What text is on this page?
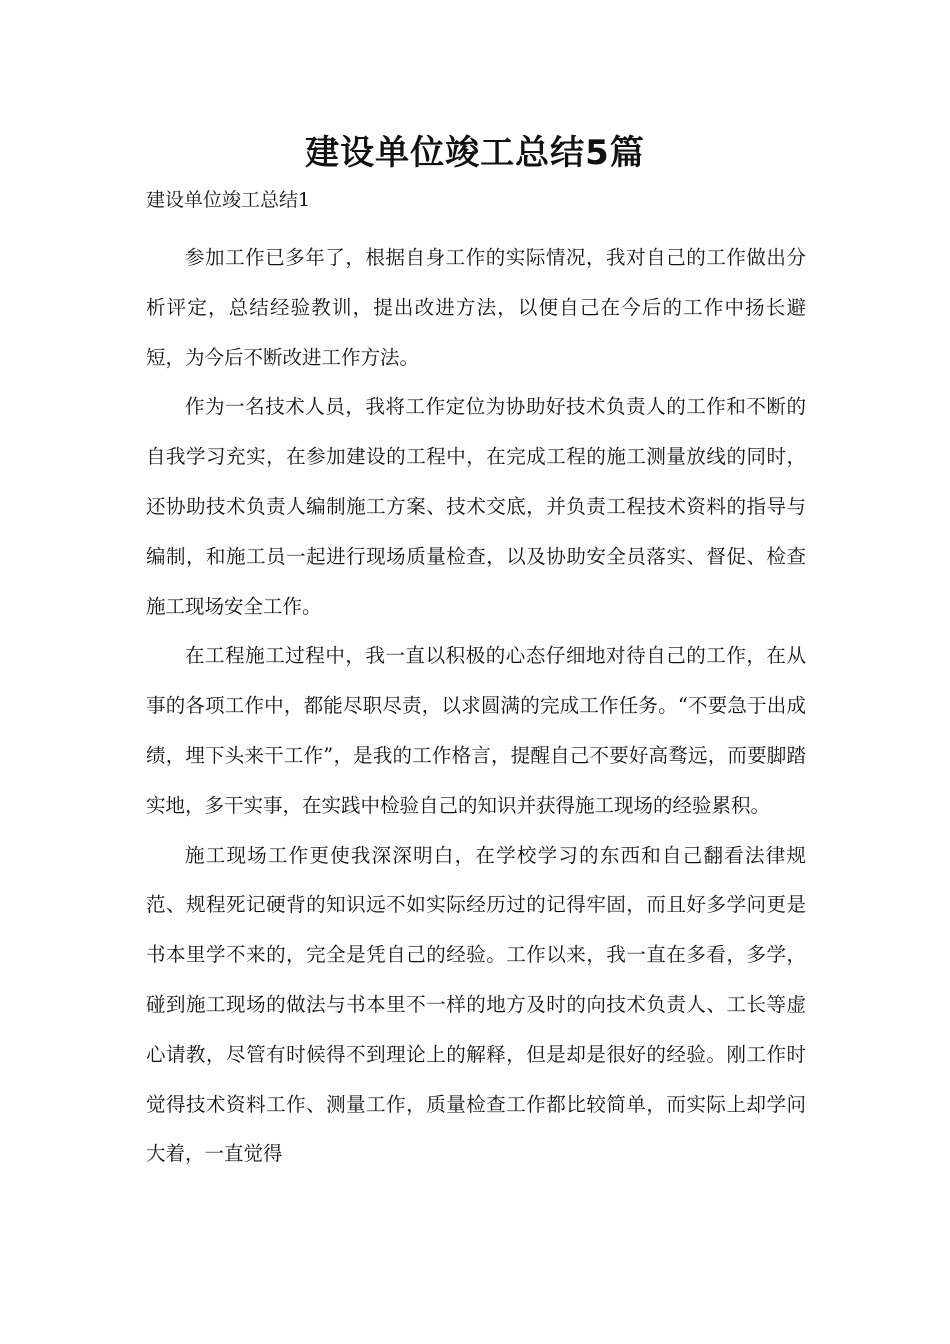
建设单位竣工总结5篇

建设单位竣工总结1

参加工作已多年了，根据自身工作的实际情况，我对自己的工作做出分析评定，总结经验教训，提出改进方法，以便自己在今后的工作中扬长避短，为今后不断改进工作方法。

作为一名技术人员，我将工作定位为协助好技术负责人的工作和不断的自我学习充实，在参加建设的工程中，在完成工程的施工测量放线的同时，还协助技术负责人编制施工方案、技术交底，并负责工程技术资料的指导与编制，和施工员一起进行现场质量检查，以及协助安全员落实、督促、检查施工现场安全工作。

在工程施工过程中，我一直以积极的心态仔细地对待自己的工作，在从事的各项工作中，都能尽职尽责，以求圆满的完成工作任务。“不要急于出成绩，埋下头来干工作”，是我的工作格言，提醒自己不要好高骛远，而要脚踏实地，多干实事，在实践中检验自己的知识并获得施工现场的经验累积。

施工现场工作更使我深深明白，在学校学习的东西和自己翻看法律规范、规程死记硬背的知识远不如实际经历过的记得牢固，而且好多学问更是书本里学不来的，完全是凭自己的经验。工作以来，我一直在多看，多学，碰到施工现场的做法与书本里不一样的地方及时的向技术负责人、工长等虚心请教，尽管有时候得不到理论上的解释，但是却是很好的经验。刚工作时觉得技术资料工作、测量工作，质量检查工作都比较简单，而实际上却学问大着，一直觉得
